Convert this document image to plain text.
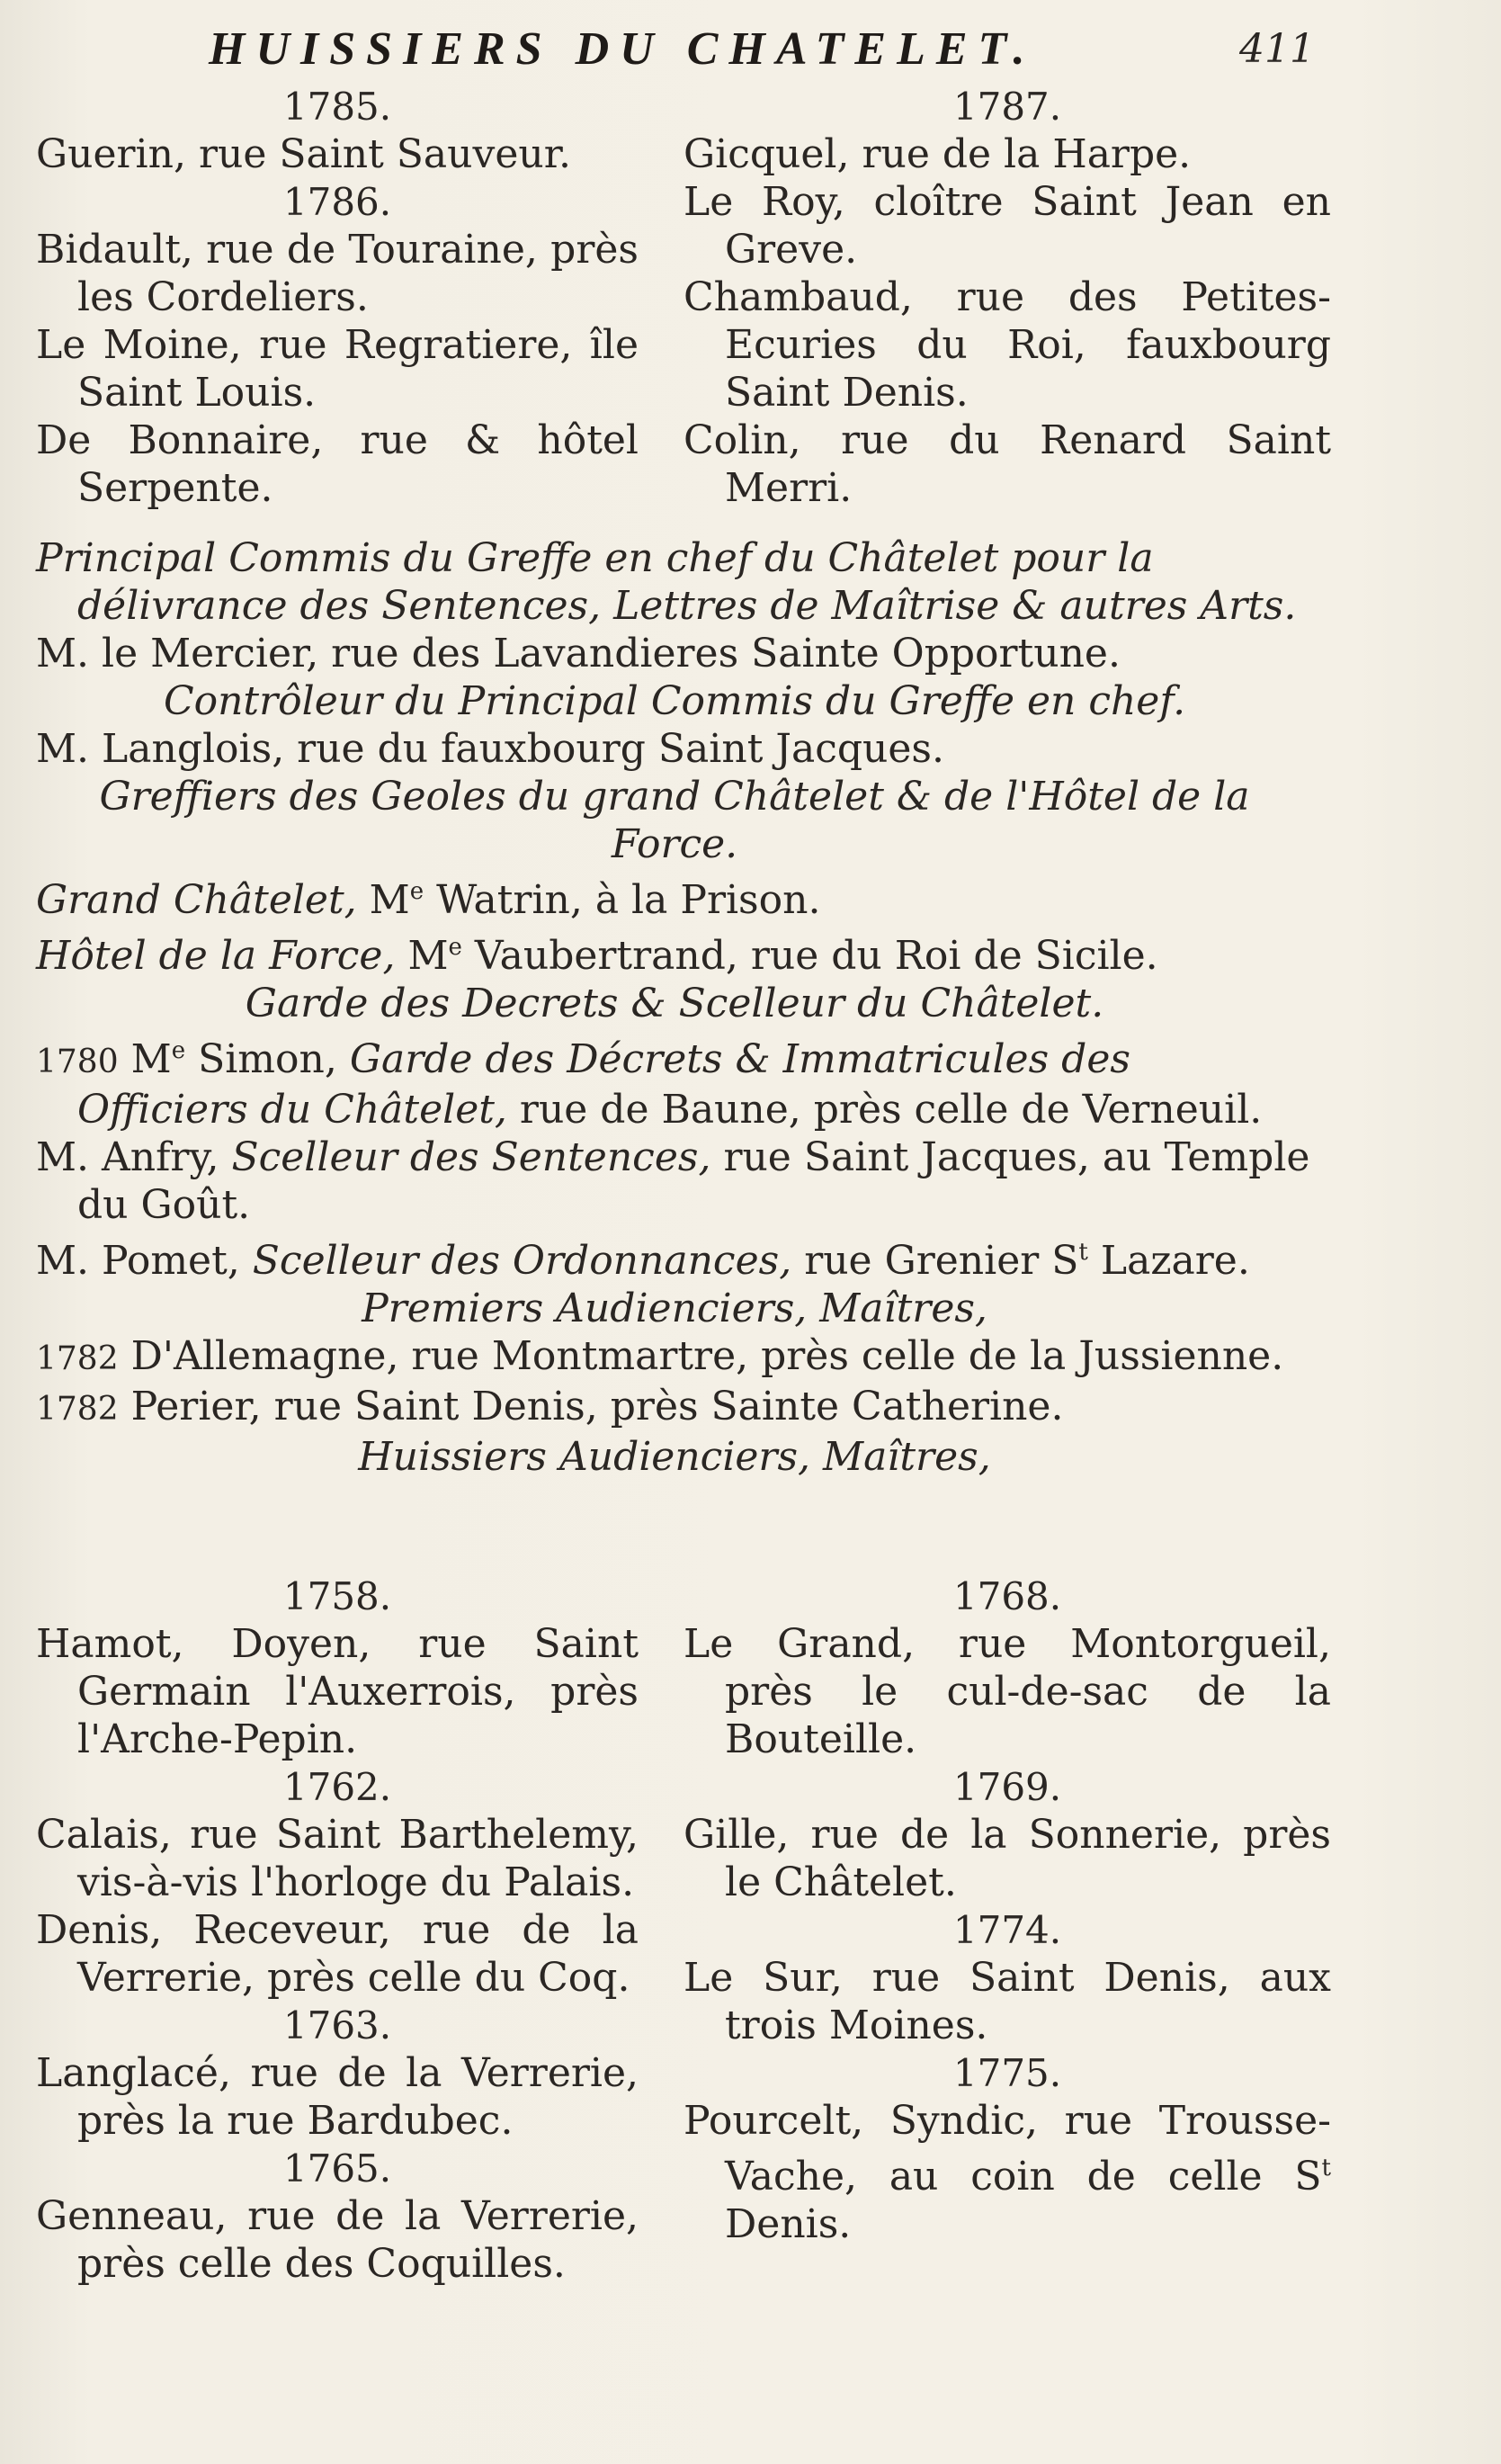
HUISSIERS DU CHATELET.	411
1785.
Guerin, rue Saint Sauveur.
1786.
Bidault, rue de Touraine, près les Cordeliers.
Le Moine, rue Regratiere, île Saint Louis.
De Bonnaire, rue & hôtel Serpente.
1787.
Gicquel, rue de la Harpe.
Le Roy, cloître Saint Jean en Greve.
Chambaud, rue des Petites-Ecuries du Roi, fauxbourg Saint Denis.
Colin, rue du Renard Saint Merri.
Principal Commis du Greffe en chef du Châtelet pour la délivrance des Sentences, Lettres de Maîtrise & autres Arts.
M. le Mercier, rue des Lavandieres Sainte Opportune.
Contrôleur du Principal Commis du Greffe en chef.
M. Langlois, rue du fauxbourg Saint Jacques.
Greffiers des Geoles du grand Châtelet & de l'Hôtel de la Force.
Grand Châtelet, Me Watrin, à la Prison.
Hôtel de la Force, Me Vaubertrand, rue du Roi de Sicile.
Garde des Decrets & Scelleur du Châtelet.
1780 Me Simon, Garde des Décrets & Immatricules des Officiers du Châtelet, rue de Baune, près celle de Verneuil.
M. Anfry, Scelleur des Sentences, rue Saint Jacques, au Temple du Goût.
M. Pomet, Scelleur des Ordonnances, rue Grenier $S^t$ Lazare.
Premiers Audienciers, Maîtres,
1782 D'Allemagne, rue Montmartre, près celle de la Jussienne.
1782 Perier, rue Saint Denis, près Sainte Catherine.
Huissiers Audienciers, Maîtres,
1758.
Hamot, Doyen, rue Saint Germain l'Auxerrois, près l'Arche-Pepin.
1762.
Calais, rue Saint Barthelemy, vis-à-vis l'horloge du Palais.
Denis, Receveur, rue de la Verrerie, près celle du Coq.
1763.
Langlacé, rue de la Verrerie, près la rue Bardubec.
1765.
Genneau, rue de la Verrerie, près celle des Coquilles.
1768.
Le Grand, rue Montorgueil, près le cul-de-sac de la Bouteille.
1769.
Gille, rue de la Sonnerie, près le Châtelet.
1774.
Le Sur, rue Saint Denis, aux trois Moines.
1775.
Pourcelt, Syndic, rue Trousse-Vache, au coin de celle $S^t$ Denis.
